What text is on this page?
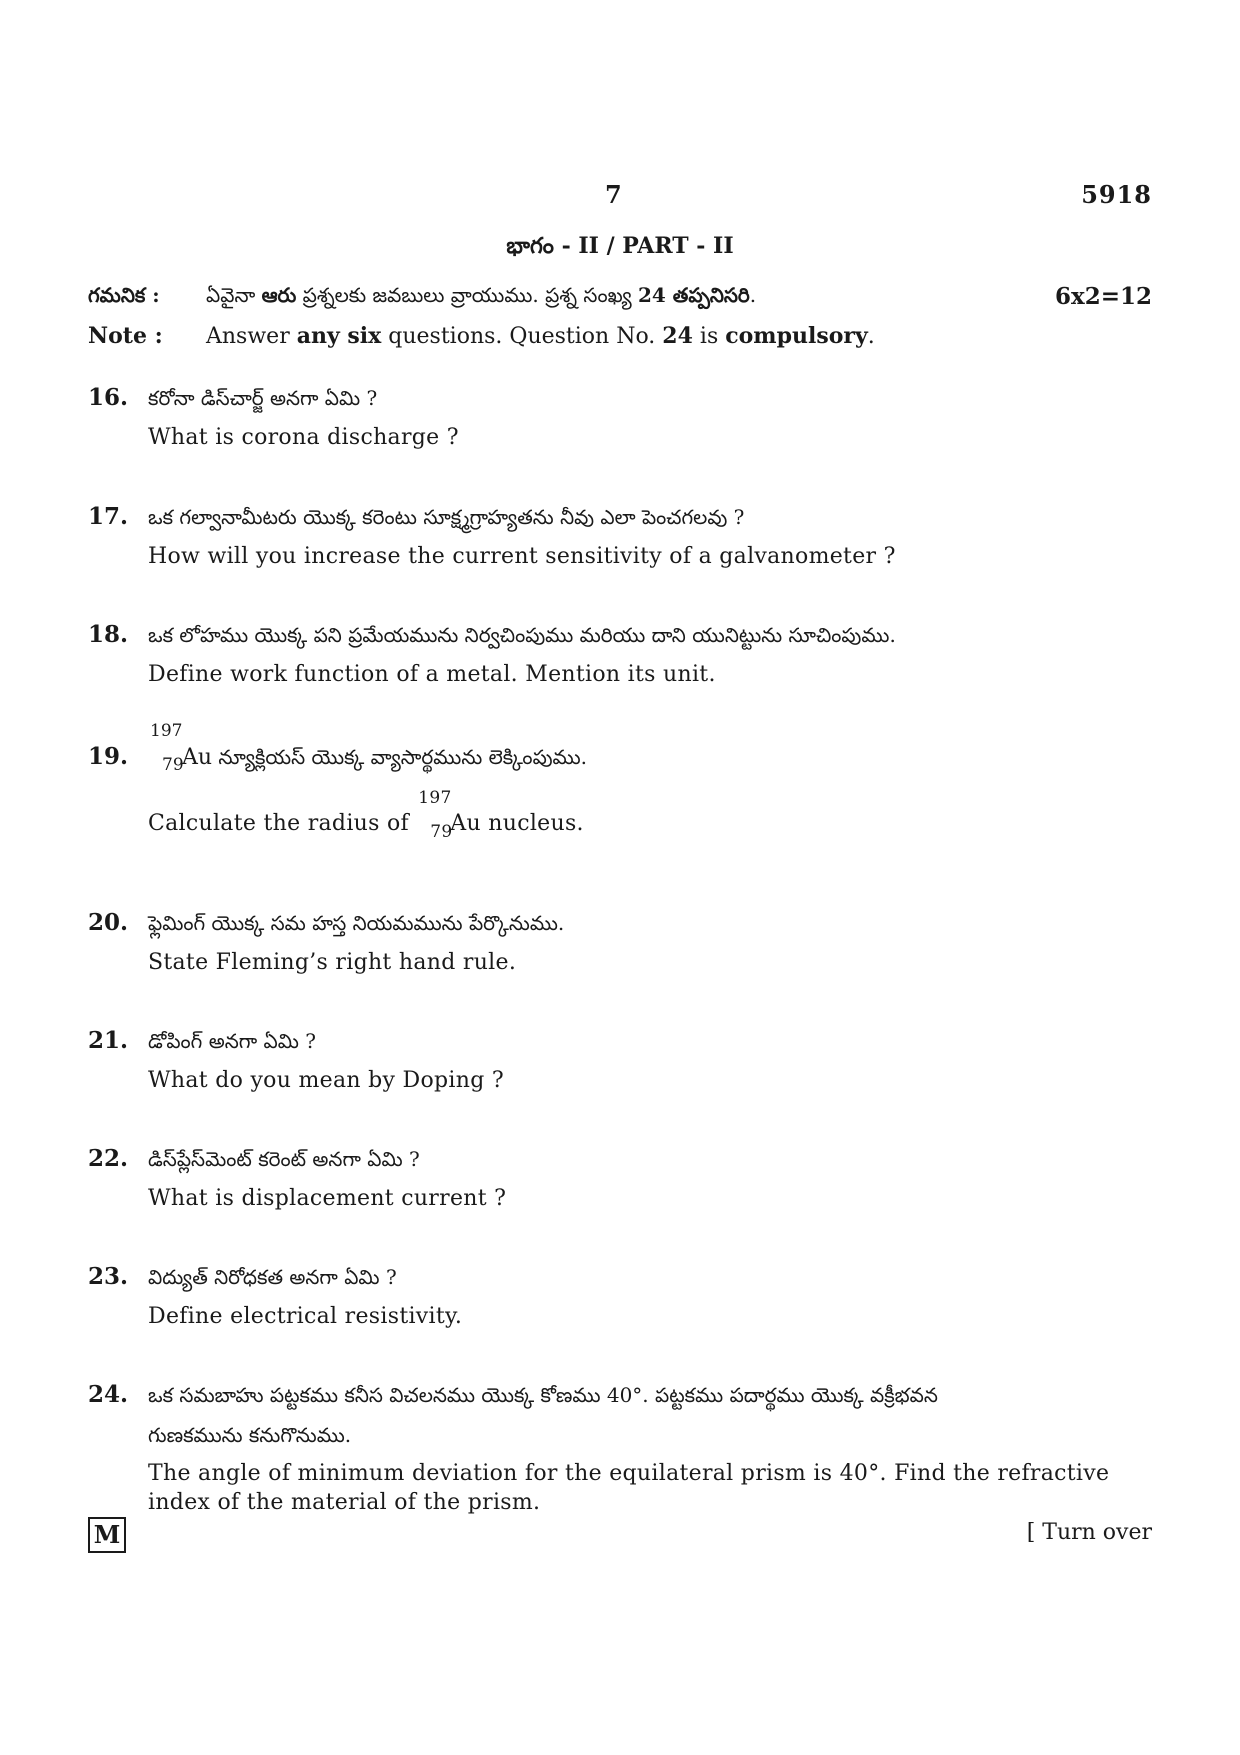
7	5918
భాగం - II / PART - II
గమనిక : ఏవైనా ఆరు ప్రశ్నలకు జవబులు వ్రాయుము. ప్రశ్న సంఖ్య 24 తప్పనిసరి.	6x2=12
Note : Answer any six questions. Question No. 24 is compulsory.
16. కరోనా డిస్‌చార్జ్ అనగా ఏమి ?
What is corona discharge ?
17. ఒక గల్వానామీటరు యొక్క కరెంటు సూక్ష్మగ్రాహ్యతను నీవు ఎలా పెంచగలవు ?
How will you increase the current sensitivity of a galvanometer ?
18. ఒక లోహము యొక్క పని ప్రమేయమును నిర్వచింపుము మరియు దాని యునిట్టును సూచింపుము.
Define work function of a metal. Mention its unit.
19.
197
79
Au న్యూక్లియస్ యొక్క వ్యాసార్థమును లెక్కింపుము.
Calculate the radius of
197
79
Au nucleus.
20. ఫ్లెమింగ్ యొక్క సమ హస్త నియమమును పేర్కొనుము.
State Fleming’s right hand rule.
21. డోపింగ్ అనగా ఏమి ?
What do you mean by Doping ?
22. డిస్‌ప్లేస్‌మెంట్ కరెంట్ అనగా ఏమి ?
What is displacement current ?
23. విద్యుత్ నిరోధకత అనగా ఏమి ?
Define electrical resistivity.
24. ఒక సమబాహు పట్టకము కనీస విచలనము యొక్క కోణము 40°. పట్టకము పదార్థము యొక్క వక్రీభవన
గుణకమును కనుగొనుము.
The angle of minimum deviation for the equilateral prism is 40°. Find the refractive
index of the material of the prism.
M	[ Turn over
